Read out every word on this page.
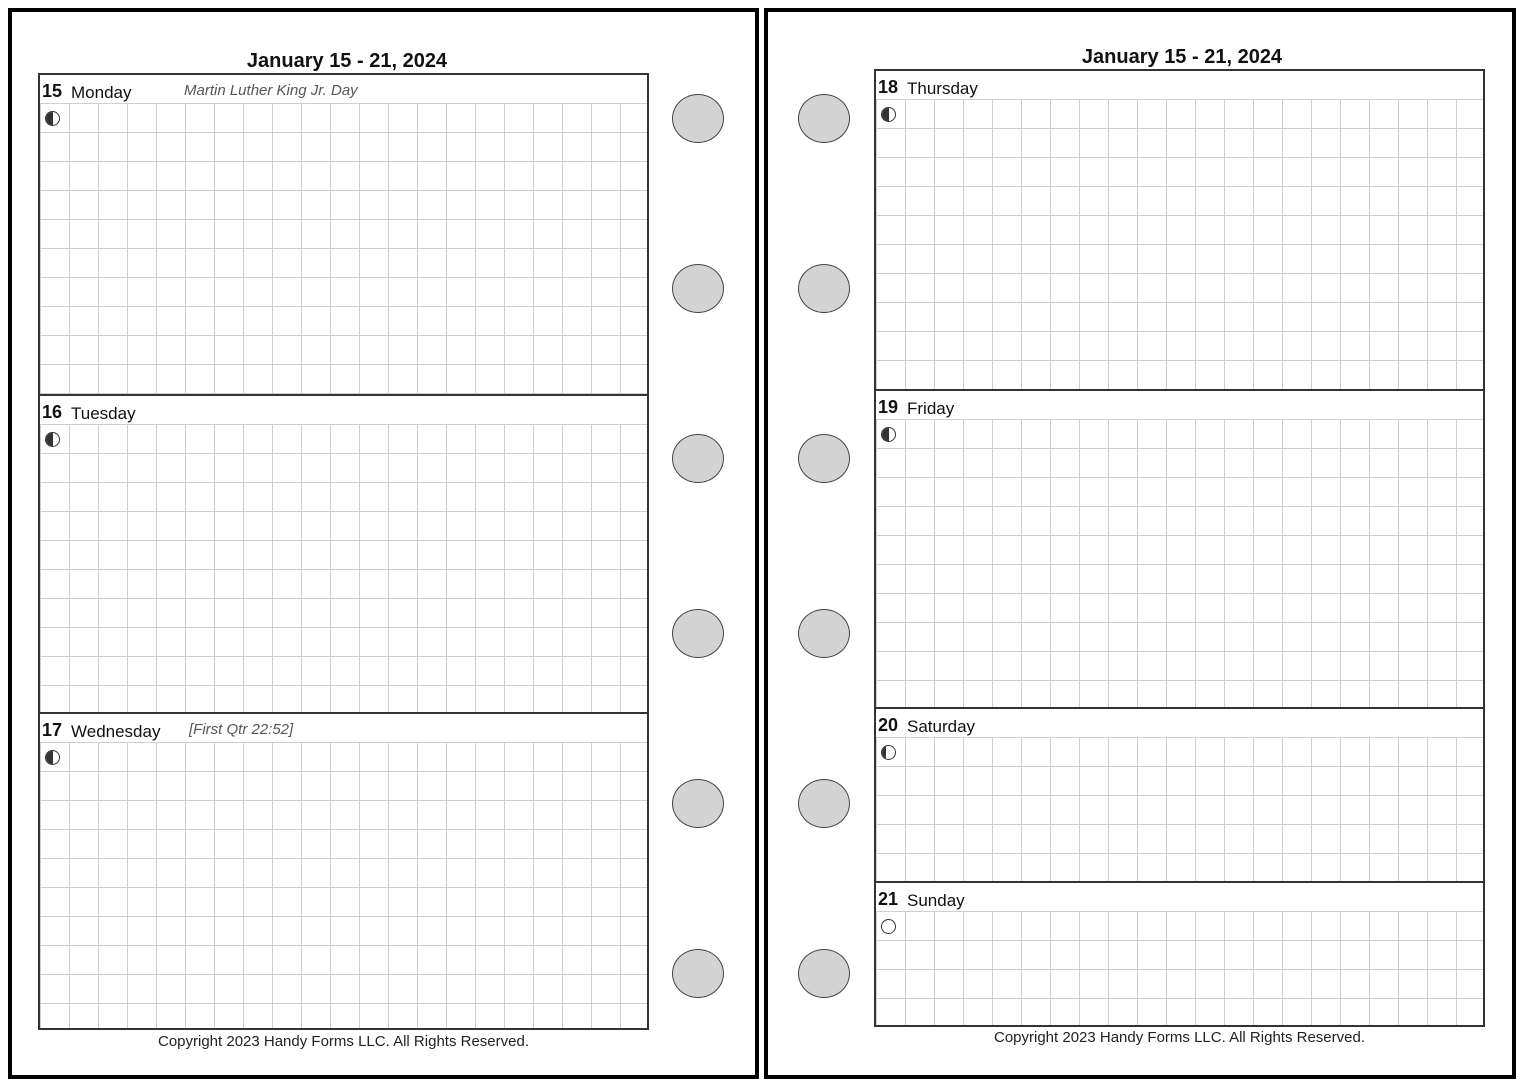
January 15 - 21, 2024
15 Monday	Martin Luther King Jr. Day
16 Tuesday
17 Wednesday [First Qtr 22:52]
Copyright 2023 Handy Forms LLC. All Rights Reserved.
January 15 - 21, 2024
18 Thursday
19 Friday
20 Saturday
21 Sunday
Copyright 2023 Handy Forms LLC. All Rights Reserved.
